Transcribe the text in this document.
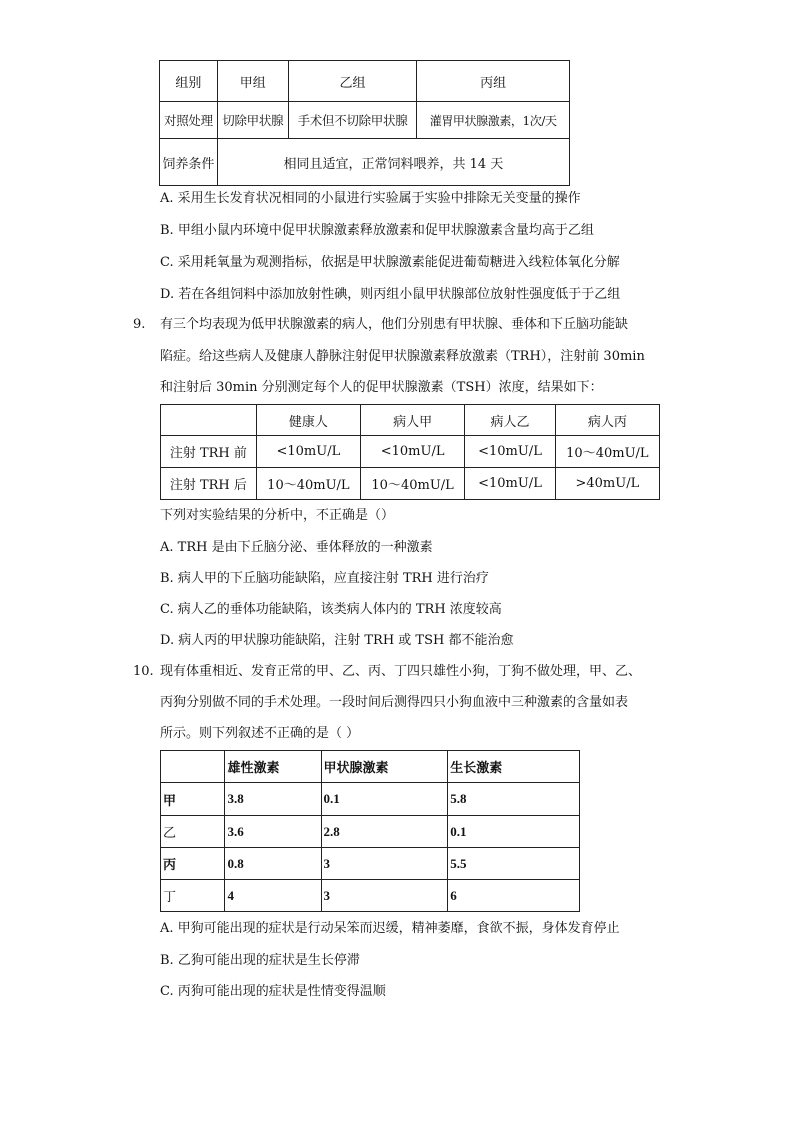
组别	甲组	乙组	丙组
对照处理	切除甲状腺	手术但不切除甲状腺	灌胃甲状腺激素，1次/天
饲养条件	相同且适宜，正常饲料喂养，共 14 天		
A. 采用生长发育状况相同的小鼠进行实验属于实验中排除无关变量的操作
B. 甲组小鼠内环境中促甲状腺激素释放激素和促甲状腺激素含量均高于乙组
C. 采用耗氧量为观测指标，依据是甲状腺激素能促进葡萄糖进入线粒体氧化分解
D. 若在各组饲料中添加放射性碘，则丙组小鼠甲状腺部位放射性强度低于于乙组
9. 有三个均表现为低甲状腺激素的病人，他们分别患有甲状腺、垂体和下丘脑功能缺
陷症。给这些病人及健康人静脉注射促甲状腺激素释放激素（TRH），注射前 30min
和注射后 30min 分别测定每个人的促甲状腺激素（TSH）浓度，结果如下：
	健康人	病人甲	病人乙	病人丙
注射 TRH 前	<10mU/L	<10mU/L	<10mU/L	10～40mU/L
注射 TRH 后	10～40mU/L	10～40mU/L	<10mU/L	>40mU/L
下列对实验结果的分析中，不正确是（）
A. TRH 是由下丘脑分泌、垂体释放的一种激素
B. 病人甲的下丘脑功能缺陷，应直接注射 TRH 进行治疗
C. 病人乙的垂体功能缺陷，该类病人体内的 TRH 浓度较高
D. 病人丙的甲状腺功能缺陷，注射 TRH 或 TSH 都不能治愈
10. 现有体重相近、发育正常的甲、乙、丙、丁四只雄性小狗，丁狗不做处理，甲、乙、
丙狗分别做不同的手术处理。一段时间后测得四只小狗血液中三种激素的含量如表
所示。则下列叙述不正确的是（ ）
	雄性激素	甲状腺激素	生长激素
甲	3.8	0.1	5.8
乙	3.6	2.8	0.1
丙	0.8	3	5.5
丁	4	3	6
A. 甲狗可能出现的症状是行动呆笨而迟缓，精神萎靡，食欲不振，身体发育停止
B. 乙狗可能出现的症状是生长停滞
C. 丙狗可能出现的症状是性情变得温顺
